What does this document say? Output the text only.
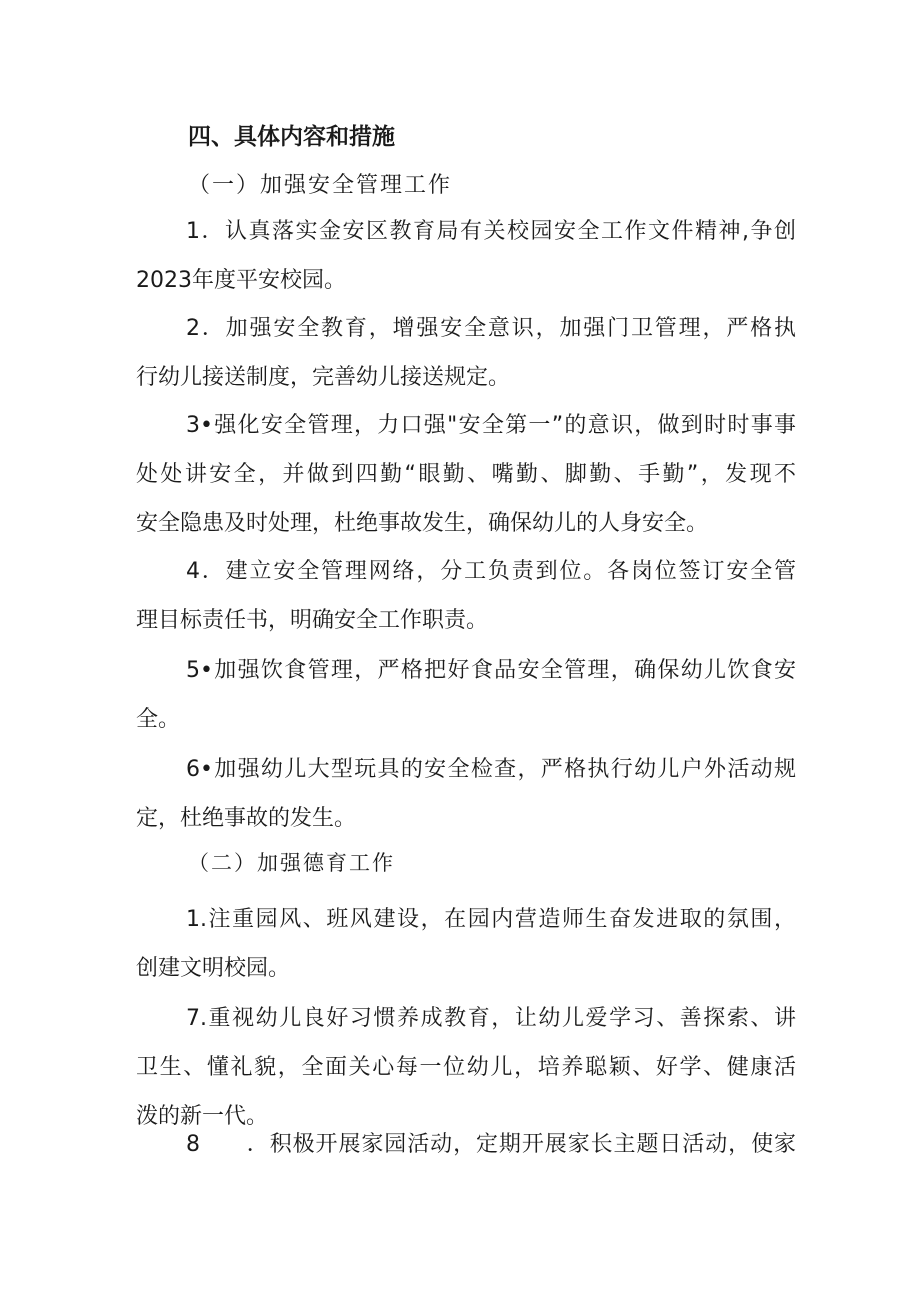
四、具体内容和措施
（一）加强安全管理工作
1．认真落实金安区教育局有关校园安全工作文件精神,争创
2023年度平安校园。
2．加强安全教育，增强安全意识，加强门卫管理，严格执
行幼儿接送制度，完善幼儿接送规定。
3•强化安全管理，力口强"安全第一”的意识，做到时时事事
处处讲安全，并做到四勤“眼勤、嘴勤、脚勤、手勤”，发现不
安全隐患及时处理，杜绝事故发生，确保幼儿的人身安全。
4．建立安全管理网络，分工负责到位。各岗位签订安全管
理目标责任书，明确安全工作职责。
5•加强饮食管理，严格把好食品安全管理，确保幼儿饮食安
全。
6•加强幼儿大型玩具的安全检查，严格执行幼儿户外活动规
定，杜绝事故的发生。
（二）加强德育工作
1.注重园风、班风建设，在园内营造师生奋发进取的氛围，
创建文明校园。
7.重视幼儿良好习惯养成教育，让幼儿爱学习、善探索、讲
卫生、懂礼貌，全面关心每一位幼儿，培养聪颖、好学、健康活
泼的新一代。
8　　．积极开展家园活动，定期开展家长主题日活动，使家
